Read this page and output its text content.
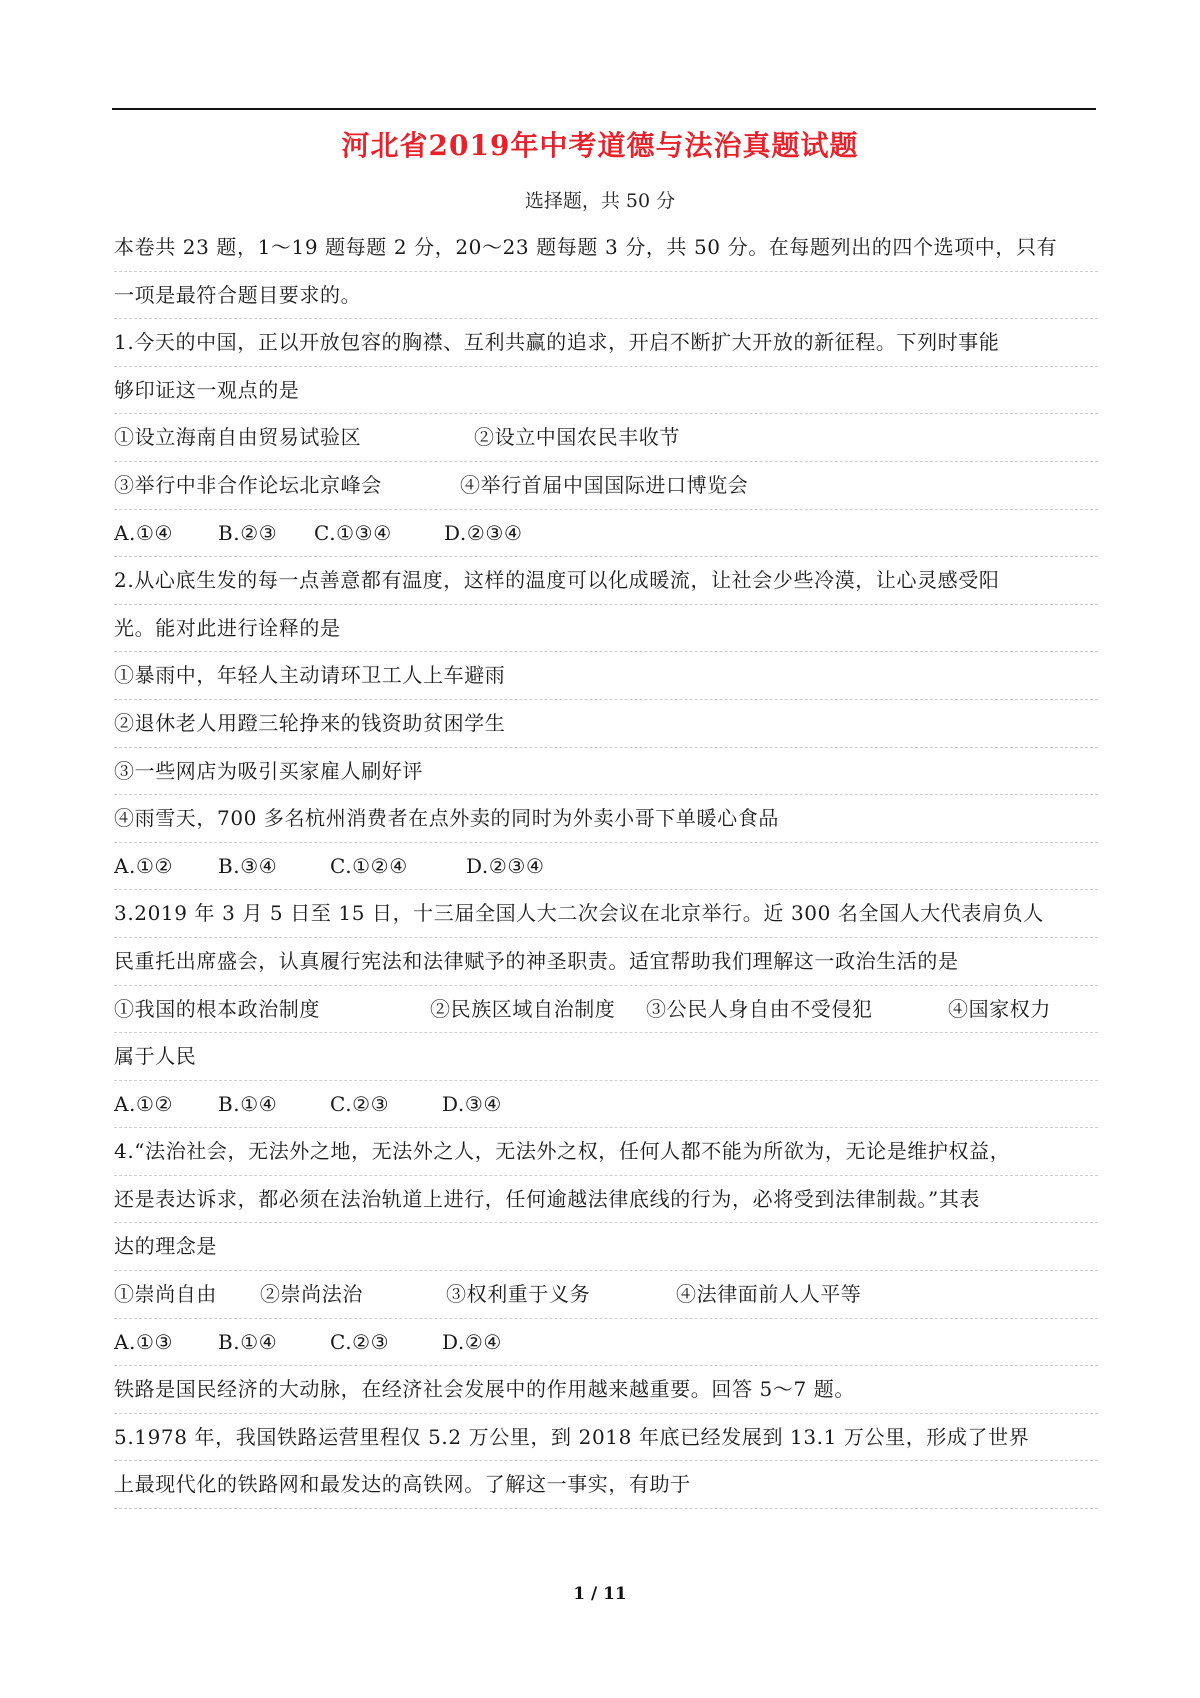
河北省2019年中考道德与法治真题试题
选择题，共 50 分
本卷共 23 题，1～19 题每题 2 分，20～23 题每题 3 分，共 50 分。在每题列出的四个选项中，只有
一项是最符合题目要求的。
1.今天的中国，正以开放包容的胸襟、互利共赢的追求，开启不断扩大开放的新征程。下列时事能
够印证这一观点的是
①设立海南自由贸易试验区	②设立中国农民丰收节
③举行中非合作论坛北京峰会	④举行首届中国国际进口博览会
A.①④ B.②③ C.①③④	D.②③④
2.从心底生发的每一点善意都有温度，这样的温度可以化成暖流，让社会少些冷漠，让心灵感受阳
光。能对此进行诠释的是
①暴雨中，年轻人主动请环卫工人上车避雨
②退休老人用蹬三轮挣来的钱资助贫困学生
③一些网店为吸引买家雇人刷好评
④雨雪天，700 多名杭州消费者在点外卖的同时为外卖小哥下单暖心食品
A.①② B.③④	C.①②④	D.②③④
3.2019 年 3 月 5 日至 15 日，十三届全国人大二次会议在北京举行。近 300 名全国人大代表肩负人
民重托出席盛会，认真履行宪法和法律赋予的神圣职责。适宜帮助我们理解这一政治生活的是
①我国的根本政治制度	②民族区域自治制度 ③公民人身自由不受侵犯	④国家权力
属于人民
A.①② B.①④	C.②③	D.③④
4.“法治社会，无法外之地，无法外之人，无法外之权，任何人都不能为所欲为，无论是维护权益，
还是表达诉求，都必须在法治轨道上进行，任何逾越法律底线的行为，必将受到法律制裁。”其表
达的理念是
①崇尚自由 ②崇尚法治	③权利重于义务	④法律面前人人平等
A.①③ B.①④	C.②③	D.②④
铁路是国民经济的大动脉，在经济社会发展中的作用越来越重要。回答 5～7 题。
5.1978 年，我国铁路运营里程仅 5.2 万公里，到 2018 年底已经发展到 13.1 万公里，形成了世界
上最现代化的铁路网和最发达的高铁网。了解这一事实，有助于
1 / 11
